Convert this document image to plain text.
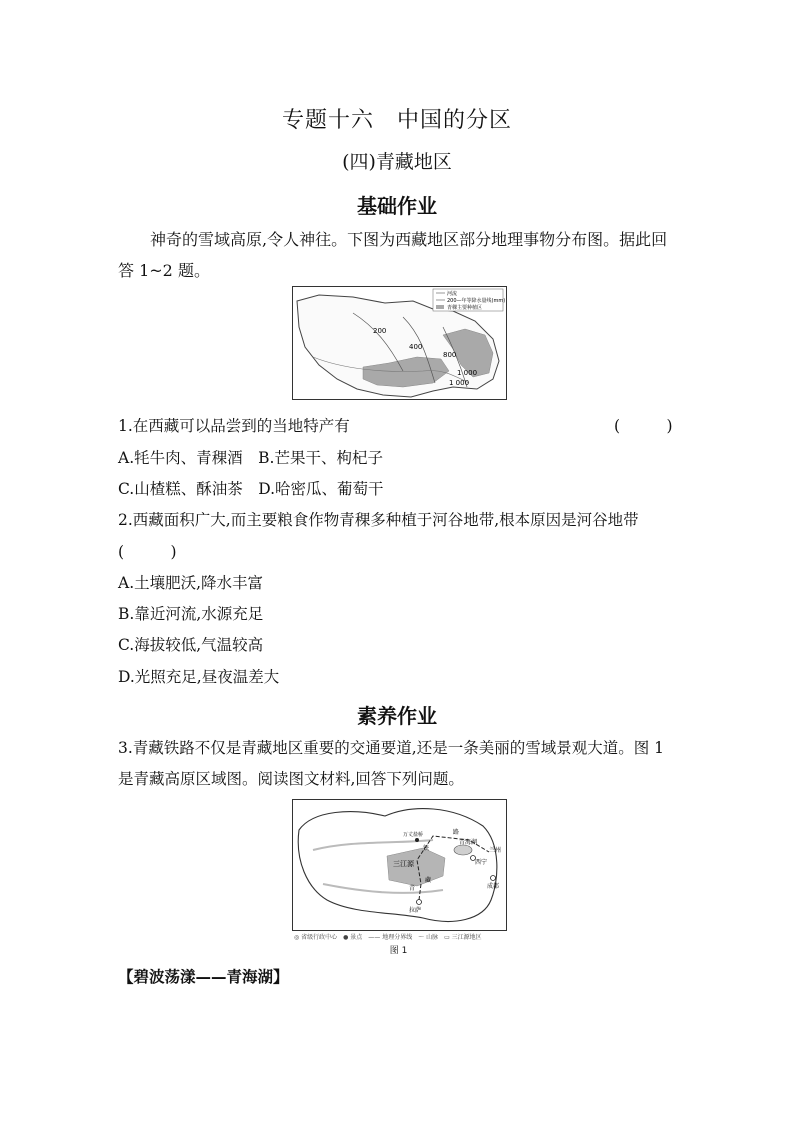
专题十六　中国的分区
(四)青藏地区
基础作业
神奇的雪域高原,令人神往。下图为西藏地区部分地理事物分布图。据此回
答 1~2 题。
河流
200—年等降水量线(mm)
青稞主要种植区
200
400
800
1 000
1 000
1.在西藏可以品尝到的当地特产有	(　　　)
A.牦牛肉、青稞酒　B.芒果干、枸杞子
C.山楂糕、酥油茶　D.哈密瓜、葡萄干
2.西藏面积广大,而主要粮食作物青稞多种植于河谷地带,根本原因是河谷地带
(　　　)
A.土壤肥沃,降水丰富
B.靠近河流,水源充足
C.海拔较低,气温较高
D.光照充足,昼夜温差大
素养作业
3.青藏铁路不仅是青藏地区重要的交通要道,还是一条美丽的雪域景观大道。图 1
是青藏高原区域图。阅读图文材料,回答下列问题。
青海湖
西宁
兰州
成都
拉萨
三江源
万丈盐桥	路
铁
藏
青
◎ 省级行政中心　● 景点　—— 地理分界线　～ 山脉　▭ 三江源地区
图 1
【碧波荡漾——青海湖】
